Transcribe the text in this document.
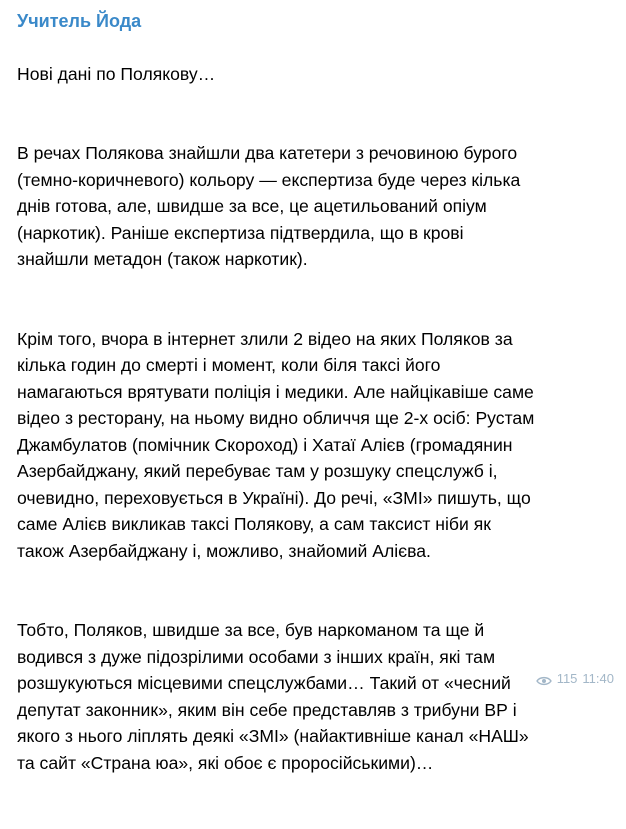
Учитель Йода

Нові дані по Полякову…

В речах Полякова знайшли два катетери з речовиною бурого
(темно-коричневого) кольору — експертиза буде через кілька
днів готова, але, швидше за все, це ацетильований опіум
(наркотик). Раніше експертиза підтвердила, що в крові
знайшли метадон (також наркотик).

Крім того, вчора в інтернет злили 2 відео на яких Поляков за
кілька годин до смерті і момент, коли біля таксі його
намагаються врятувати поліція і медики. Але найцікавіше саме
відео з ресторану, на ньому видно обличчя ще 2-х осіб: Рустам
Джамбулатов (помічник Скороход) і Хатаї Алієв (громадянин
Азербайджану, який перебуває там у розшуку спецслужб і,
очевидно, переховується в Україні). До речі, «ЗМІ» пишуть, що
саме Алієв викликав таксі Полякову, а сам таксист ніби як
також Азербайджану і, можливо, знайомий Алієва.

Тобто, Поляков, швидше за все, був наркоманом та ще й
водився з дуже підозрілими особами з інших країн, які там
розшукуються місцевими спецслужбами… Такий от «чесний
депутат законник», яким він себе представляв з трибуни ВР і
якого з нього ліплять деякі «ЗМІ» (найактивніше канал «НАШ»
та сайт «Страна юа», які обоє є проросійськими)…

115 11:40
